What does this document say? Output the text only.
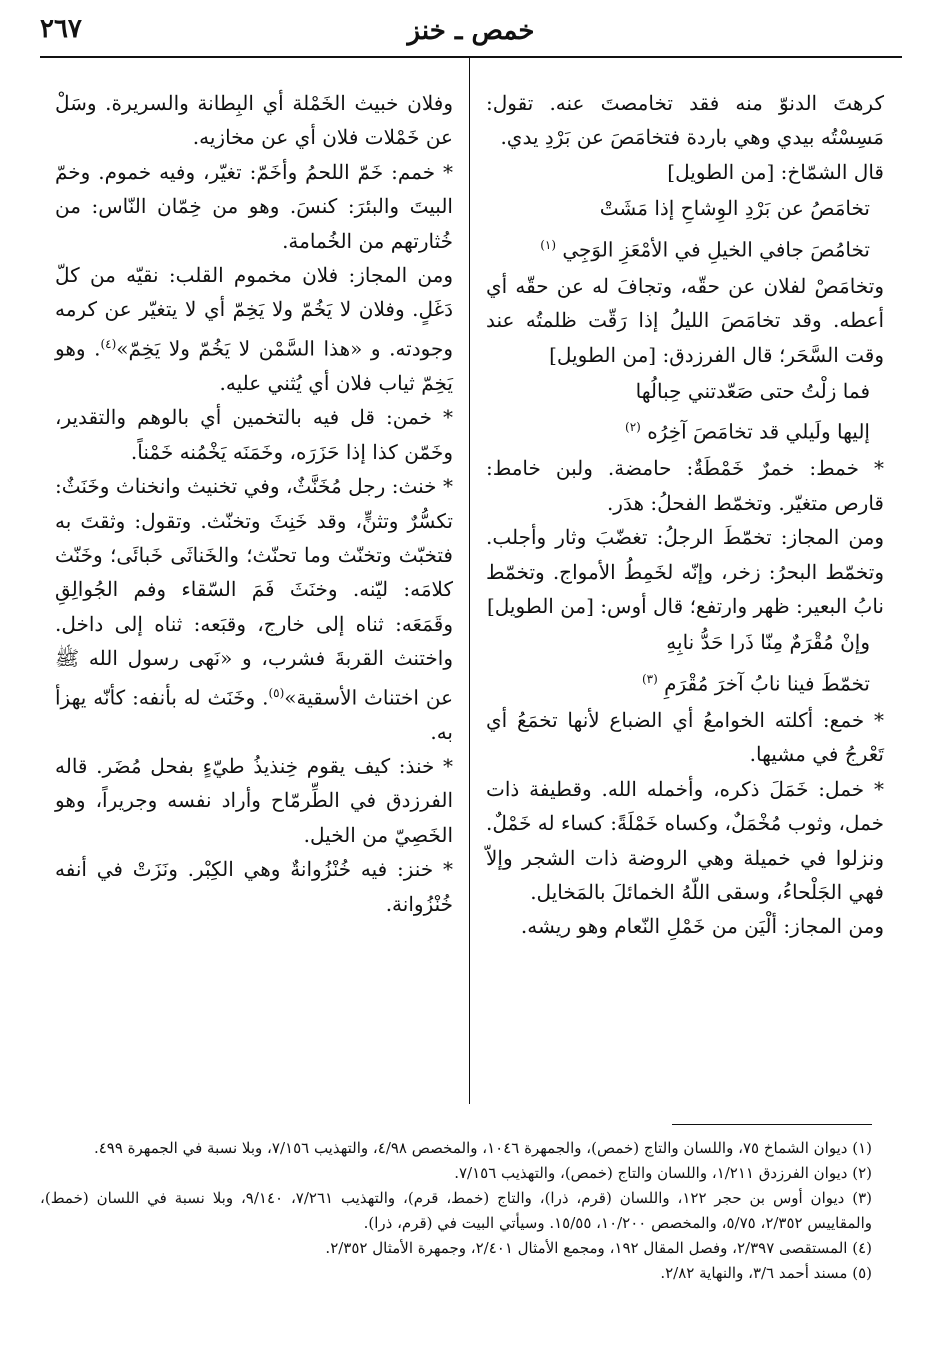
خمص ـ خنز
٢٦٧

كرهتَ الدنوّ منه فقد تخامصتَ عنه. تقول: مَسِسْتُه بيدي وهي باردة فتخامَصَ عن بَرْدِ يدي.

قال الشمّاخ: [من الطويل]

تخامَصُ عن بَرْدِ الوِشاحِ إذا مَشَتْ

تخامُصَ جافي الخيلِ في الأمْعَزِ الوَجِي $^{(١)}$

وتخامَصْ لفلان عن حقّه، وتجافَ له عن حقّه أي أعطه. وقد تخامَصَ الليلُ إذا رَقّت ظلمتُه عند وقت السَّحَر؛ قال الفرزدق: [من الطويل]

فما زلْتُ حتى صَعّدتني حِبالُها

إليها ولَيلي قد تخامَصَ آخِرُه $^{(٢)}$

* خمط: خمرٌ خَمْطَةٌ: حامضة. ولبن خامط: قارص متغيّر. وتخمّط الفحلُ: هدَر.

ومن المجاز: تخمّطَ الرجلُ: تغضّبَ وثار وأجلب. وتخمّط البحرُ: زخر، وإنّه لخَمِطُ الأمواج. وتخمّط نابُ البعير: ظهر وارتفع؛ قال أوس: [من الطويل]

وإنْ مُقْرَمٌ مِنّا ذَرا حَدُّ نابِهِ

تخمّطَ فينا نابُ آخرَ مُقْرَمِ $^{(٣)}$

* خمع: أكلته الخوامعُ أي الضباع لأنها تخمَعُ أي تَعْرجُ في مشيها.

* خمل: خَمَلَ ذكره، وأخمله الله. وقطيفة ذات خمل، وثوب مُخْمَلٌ، وكساه خَمْلَةً: كساء له خَمْلٌ. ونزلوا في خميلة وهي الروضة ذات الشجر وإلاّ فهي الجَلْحاءُ، وسقى اللّهُ الخمائلَ بالمَخايل.

ومن المجاز: ألْيَن من خَمْلِ النّعام وهو ريشه.

وفلان خبيث الخَمْلة أي البِطانة والسريرة. وسَلْ عن خَمْلات فلان أي عن مخازيه.

* خمم: خَمّ اللحمُ وأخَمّ: تغيّر، وفيه خموم. وخمّ البيتَ والبئرَ: كنسَ. وهو من خِمّان النّاس: من خُثارتهم من الخُمامة.

ومن المجاز: فلان مخموم القلب: نقيّه من كلّ دَغَلٍ. وفلان لا يَخُمّ ولا يَخِمّ أي لا يتغيّر عن كرمه وجودته. و «هذا السَّمْن لا يَخُمّ ولا يَخِمّ»$^{(٤)}$. وهو يَخِمّ ثياب فلان أي يُثني عليه.

* خمن: قل فيه بالتخمين أي بالوهم والتقدير، وخَمّن كذا إذا حَزَرَه، وخَمَنَه يَخْمُنه خَمْناً.

* خنث: رجل مُخَنَّثٌ، وفي تخنيث وانخناث وخَنَثٌ: تكسُّرٌ وتثنٍّ، وقد خَنِثَ وتخنّث. وتقول: وثقتَ به فتخبّث وتخنّث وما تحنّث؛ والخَناثَى خَبائَى؛ وخَنّث كلامَه: ليّنه. وخنَثَ فَمَ السّقاء وفم الجُوالِقِ وقَمَعَه: ثناه إلى خارج، وقبَعه: ثناه إلى داخل. واختنث القربةَ فشرب، و «نَهى رسول الله ﷺ عن اختناث الأسقية»$^{(٥)}$. وخَنَث له بأنفه: كأنّه يهزأ به.

* خنذ: كيف يقوم خِنذيذُ طيّءٍ بفحل مُضَر. قاله الفرزدق في الطِّرمّاح وأراد نفسه وجريراً، وهو الخَصِيّ من الخيل.

* خنز: فيه خُنْزُوانةٌ وهي الكِبْر. ونَزَتْ في أنفه خُنْزُوانة.

(١) ديوان الشماخ ٧٥، واللسان والتاج (خمص)، والجمهرة ١٠٤٦، والمخصص ٤/٩٨، والتهذيب ٧/١٥٦، وبلا نسبة في الجمهرة ٤٩٩.

(٢) ديوان الفرزدق ١/٢١١، واللسان والتاج (خمص)، والتهذيب ٧/١٥٦.

(٣) ديوان أوس بن حجر ١٢٢، واللسان (قرم، ذرا)، والتاج (خمط، قرم)، والتهذيب ٧/٢٦١، ٩/١٤٠، وبلا نسبة في اللسان (خمط)، والمقاييس ٢/٣٥٢، ٥/٧٥، والمخصص ١٠/٢٠٠، ١٥/٥٥. وسيأتي البيت في (قرم، ذرا).

(٤) المستقصى ٢/٣٩٧، وفصل المقال ١٩٢، ومجمع الأمثال ٢/٤٠١، وجمهرة الأمثال ٢/٣٥٢.

(٥) مسند أحمد ٣/٦، والنهاية ٢/٨٢.
